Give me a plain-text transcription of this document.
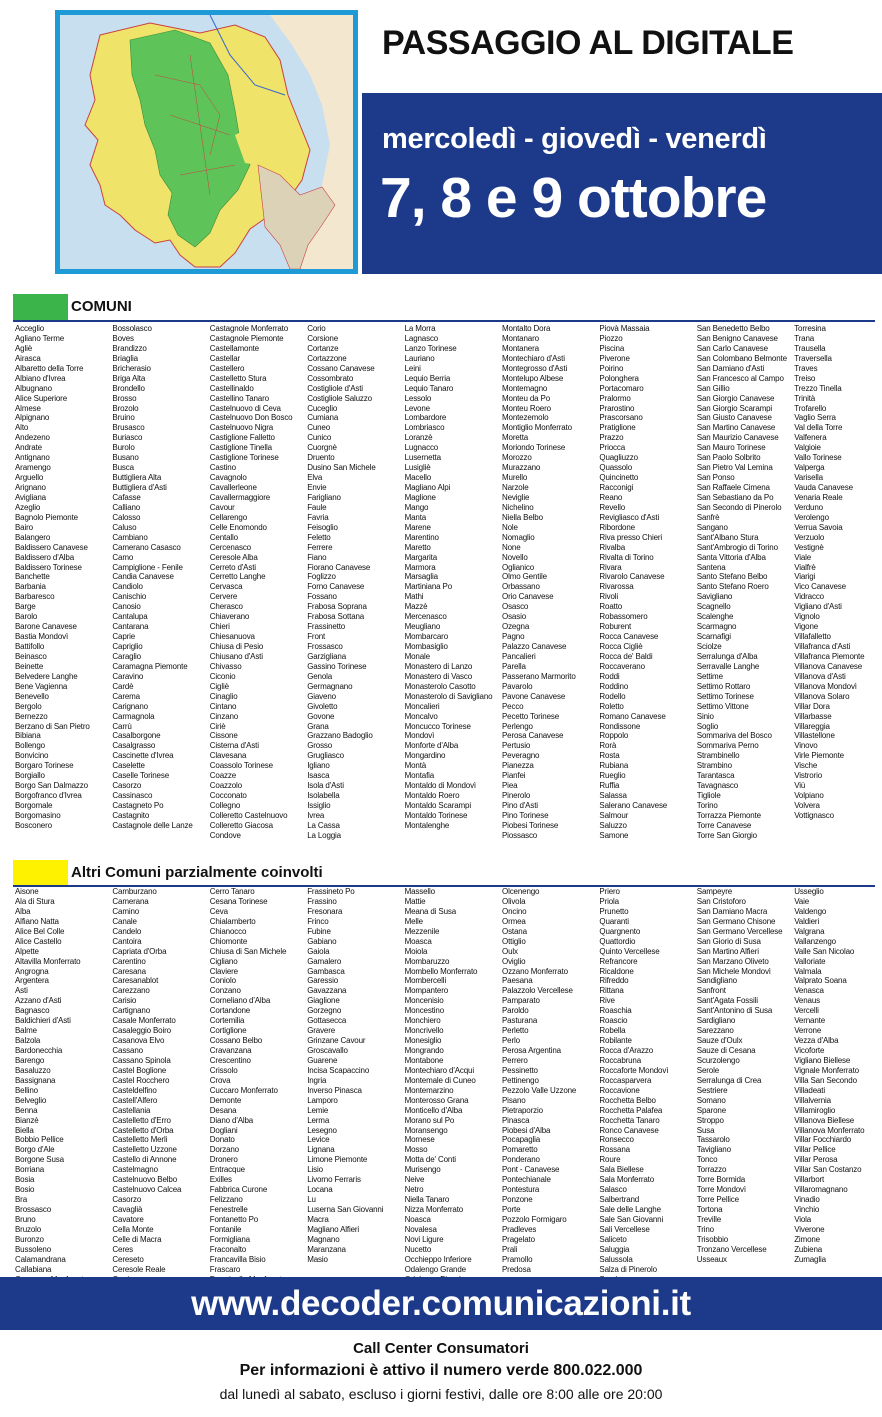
PASSAGGIO AL DIGITALE
mercoledì - giovedì - venerdì
7, 8 e 9 ottobre
COMUNI
Acceglio
Agliano Terme
Agliè
Airasca
Albaretto della Torre
Albiano d'Ivrea
Albugnano
Alice Superiore
Almese
Alpignano
Alto
Andezeno
Andrate
Antignano
Aramengo
Arguello
Arignano
Avigliana
Azeglio
Bagnolo Piemonte
Bairo
Balangero
Baldissero Canavese
Baldissero d'Alba
Baldissero Torinese
Banchette
Barbania
Barbaresco
Barge
Barolo
Barone Canavese
Bastia Mondovì
Battifollo
Beinasco
Beinette
Belvedere Langhe
Bene Vagienna
Benevello
Bergolo
Bernezzo
Berzano di San Pietro
Bibiana
Bollengo
Bonvicino
Borgaro Torinese
Borgiallo
Borgo San Dalmazzo
Borgofranco d'Ivrea
Borgomale
Borgomasino
Bosconero
Bossolasco
Boves
Brandizzo
Briaglia
Bricherasio
Briga Alta
Brondello
Brosso
Brozolo
Bruino
Brusasco
Buriasco
Burolo
Busano
Busca
Buttigliera Alta
Buttigliera d'Asti
Cafasse
Calliano
Calosso
Caluso
Cambiano
Camerano Casasco
Camo
Campiglione - Fenile
Candia Canavese
Candiolo
Canischio
Canosio
Cantalupa
Cantarana
Caprie
Capriglio
Caraglio
Caramagna Piemonte
Caravino
Cardè
Carema
Carignano
Carmagnola
Carrù
Casalborgone
Casalgrasso
Cascinette d'Ivrea
Caselette
Caselle Torinese
Casorzo
Cassinasco
Castagneto Po
Castagnito
Castagnole delle Lanze
Castagnole Monferrato
Castagnole Piemonte
Castellamonte
Castellar
Castellero
Castelletto Stura
Castellinaldo
Castellino Tanaro
Castelnuovo di Ceva
Castelnuovo Don Bosco
Castelnuovo Nigra
Castiglione Falletto
Castiglione Tinella
Castiglione Torinese
Castino
Cavagnolo
Cavallerleone
Cavallermaggiore
Cavour
Cellarengo
Celle Enomondo
Centallo
Cercenasco
Ceresole Alba
Cerreto d'Asti
Cerretto Langhe
Cervasca
Cervere
Cherasco
Chiaverano
Chieri
Chiesanuova
Chiusa di Pesio
Chiusano d'Asti
Chivasso
Ciconio
Cigliè
Cinaglio
Cintano
Cinzano
Ciriè
Cissone
Cisterna d'Asti
Clavesana
Coassolo Torinese
Coazze
Coazzolo
Cocconato
Collegno
Colleretto Castelnuovo
Colleretto Giacosa
Condove
Corio
Corsione
Cortanze
Cortazzone
Cossano Canavese
Cossombrato
Costigliole d'Asti
Costigliole Saluzzo
Cuceglio
Cumiana
Cuneo
Cunico
Cuorgnè
Druento
Dusino San Michele
Elva
Envie
Farigliano
Faule
Favria
Feisoglio
Feletto
Ferrere
Fiano
Fiorano Canavese
Foglizzo
Forno Canavese
Fossano
Frabosa Soprana
Frabosa Sottana
Frassinetto
Front
Frossasco
Garzigliana
Gassino Torinese
Genola
Germagnano
Giaveno
Givoletto
Govone
Grana
Grazzano Badoglio
Grosso
Grugliasco
Igliano
Isasca
Isola d'Asti
Isolabella
Issiglio
Ivrea
La Cassa
La Loggia
La Morra
Lagnasco
Lanzo Torinese
Lauriano
Leini
Lequio Berria
Lequio Tanaro
Lessolo
Levone
Lombardore
Lombriasco
Loranzè
Lugnacco
Lusernetta
Lusigliè
Macello
Magliano Alpi
Maglione
Mango
Manta
Marene
Marentino
Maretto
Margarita
Marmora
Marsaglia
Martiniana Po
Mathi
Mazzè
Mercenasco
Meugliano
Mombarcaro
Mombasiglio
Monale
Monastero di Lanzo
Monastero di Vasco
Monasterolo Casotto
Monasterolo di Savigliano
Moncalieri
Moncalvo
Moncucco Torinese
Mondovì
Monforte d'Alba
Mongardino
Montà
Montafia
Montaldo di Mondovì
Montaldo Roero
Montaldo Scarampi
Montaldo Torinese
Montalenghe
Montalto Dora
Montanaro
Montanera
Montechiaro d'Asti
Montegrosso d'Asti
Montelupo Albese
Montemagno
Monteu da Po
Monteu Roero
Montezemolo
Montiglio Monferrato
Moretta
Moriondo Torinese
Morozzo
Murazzano
Murello
Narzole
Neviglie
Nichelino
Niella Belbo
Nole
Nomaglio
None
Novello
Oglianico
Olmo Gentile
Orbassano
Orio Canavese
Osasco
Osasio
Ozegna
Pagno
Palazzo Canavese
Pancalieri
Parella
Passerano Marmorito
Pavarolo
Pavone Canavese
Pecco
Pecetto Torinese
Perlengo
Perosa Canavese
Pertusio
Peveragno
Pianezza
Pianfei
Piea
Pinerolo
Pino d'Asti
Pino Torinese
Piobesi Torinese
Piossasco
Piovà Massaia
Piozzo
Piscina
Piverone
Poirino
Polonghera
Portacomaro
Pralormo
Prarostino
Prascorsano
Pratiglione
Prazzo
Priocca
Quagliuzzo
Quassolo
Quincinetto
Racconigi
Reano
Revello
Revigliasco d'Asti
Ribordone
Riva presso Chieri
Rivalba
Rivalta di Torino
Rivara
Rivarolo Canavese
Rivarossa
Rivoli
Roatto
Robassomero
Roburent
Rocca Canavese
Rocca Cigliè
Rocca de' Baldi
Roccaverano
Roddi
Roddino
Rodello
Roletto
Romano Canavese
Rondissone
Roppolo
Rorà
Rosta
Rubiana
Rueglio
Ruffia
Salassa
Salerano Canavese
Salmour
Saluzzo
Samone
San Benedetto Belbo
San Benigno Canavese
San Carlo Canavese
San Colombano Belmonte
San Damiano d'Asti
San Francesco al Campo
San Gillio
San Giorgio Canavese
San Giorgio Scarampi
San Giusto Canavese
San Martino Canavese
San Maurizio Canavese
San Mauro Torinese
San Paolo Solbrito
San Pietro Val Lemina
San Ponso
San Raffaele Cimena
San Sebastiano da Po
San Secondo di Pinerolo
Sanfrè
Sangano
Sant'Albano Stura
Sant'Ambrogio di Torino
Santa Vittoria d'Alba
Santena
Santo Stefano Belbo
Santo Stefano Roero
Savigliano
Scagnello
Scalenghe
Scarmagno
Scarnafigi
Sciolze
Serralunga d'Alba
Serravalle Langhe
Settime
Settimo Rottaro
Settimo Torinese
Settimo Vittone
Sinio
Soglio
Sommariva del Bosco
Sommariva Perno
Strambinello
Strambino
Tarantasca
Tavagnasco
Tigliole
Torino
Torrazza Piemonte
Torre Canavese
Torre San Giorgio
Torresina
Trana
Trausella
Traversella
Traves
Treiso
Trezzo Tinella
Trinità
Trofarello
Vaglio Serra
Val della Torre
Valfenera
Valgioie
Vallo Torinese
Valperga
Varisella
Vauda Canavese
Venaria Reale
Verduno
Verolengo
Verrua Savoia
Verzuolo
Vestignè
Viale
Vialfrè
Viarigi
Vico Canavese
Vidracco
Vigliano d'Asti
Vignolo
Vigone
Villafalletto
Villafranca d'Asti
Villafranca Piemonte
Villanova Canavese
Villanova d'Asti
Villanova Mondovì
Villanova Solaro
Villar Dora
Villarbasse
Villareggia
Villastellone
Vinovo
Virle Piemonte
Vische
Vistrorio
Viù
Volpiano
Volvera
Vottignasco
Altri Comuni parzialmente coinvolti
Aisone
Ala di Stura
Alba
Alfiano Natta
Alice Bel Colle
Alice Castello
Alpette
Altavilla Monferrato
Angrogna
Argentera
Asti
Azzano d'Asti
Bagnasco
Baldichieri d'Asti
Balme
Balzola
Bardonecchia
Barengo
Basaluzzo
Bassignana
Bellino
Belveglio
Benna
Bianzè
Biella
Bobbio Pellice
Borgo d'Ale
Borgone Susa
Borriana
Bosia
Bosio
Bra
Brossasco
Bruno
Bruzolo
Buronzo
Bussoleno
Calamandrana
Callabiana
Camburzano
Camerana
Camino
Canale
Candelo
Cantoira
Capriata d'Orba
Carentino
Caresana
Caresanablot
Carezzano
Carisio
Cartignano
Casale Monferrato
Casaleggio Boiro
Casanova Elvo
Cassano
Cassano Spinola
Castel Boglione
Castel Rocchero
Casteldelfino
Castell'Alfero
Castellania
Castelletto d'Erro
Castelletto d'Orba
Castelletto Merli
Castelletto Uzzone
Castello di Annone
Castelmagno
Castelnuovo Belbo
Castelnuovo Calcea
Casorzo
Cavaglià
Cavatore
Cella Monte
Celle di Macra
Ceres
Cereseto
Ceresole Reale
Cerro Tanaro
Cesana Torinese
Ceva
Chialamberto
Chianocco
Chiomonte
Chiusa di San Michele
Cigliano
Claviere
Coniolo
Conzano
Corneliano d'Alba
Cortandone
Cortemilia
Cortiglione
Cossano Belbo
Cravanzana
Crescentino
Crissolo
Crova
Cuccaro Monferrato
Demonte
Desana
Diano d'Alba
Dogliani
Donato
Dorzano
Dronero
Entracque
Exilles
Fabbrica Curone
Felizzano
Fenestrelle
Fontanetto Po
Fontanile
Formigliana
Fraconalto
Francavilla Bisio
Frascaro
Frassineto Po
Frassino
Fresonara
Frinco
Fubine
Gabiano
Gaiola
Gamalero
Gambasca
Garessio
Gavazzana
Giaglione
Gorzegno
Gottasecca
Gravere
Grinzane Cavour
Groscavallo
Guarene
Incisa Scapaccino
Ingria
Inverso Pinasca
Lamporo
Lemie
Lerma
Lesegno
Levice
Lignana
Limone Piemonte
Lisio
Livorno Ferraris
Locana
Lu
Luserna San Giovanni
Macra
Magliano Alfieri
Magnano
Maranzana
Masio
Massello
Mattie
Meana di Susa
Melle
Mezzenile
Moasca
Moiola
Mombaruzzo
Mombello Monferrato
Mombercelli
Mompantero
Moncenisio
Moncestino
Monchiero
Moncrivello
Monesiglio
Mongrando
Montabone
Montechiaro d'Acqui
Montemale di Cuneo
Montemarzino
Monterosso Grana
Monticello d'Alba
Morano sul Po
Moransengo
Mornese
Mosso
Motta de' Conti
Murisengo
Neive
Netro
Niella Tanaro
Nizza Monferrato
Noasca
Novalesa
Novi Ligure
Nucetto
Occhieppo Inferiore
Odalengo Grande
Olcenengo
Olivola
Oncino
Ormea
Ostana
Ottiglio
Oulx
Oviglio
Ozzano Monferrato
Paesana
Palazzolo Vercellese
Pamparato
Paroldo
Pasturana
Perletto
Perlo
Perosa Argentina
Perrero
Pessinetto
Pettinengo
Pezzolo Valle Uzzone
Pisano
Pietraporzio
Pinasca
Piobesi d'Alba
Pocapaglia
Pomaretto
Ponderano
Pont - Canavese
Pontechianale
Pontestura
Ponzone
Porte
Pozzolo Formigaro
Pradleves
Pragelato
Prali
Pramollo
Predosa
Priero
Priola
Prunetto
Quaranti
Quargnento
Quattordio
Quinto Vercellese
Refrancore
Ricaldone
Rifreddo
Rittana
Rive
Roaschia
Roascio
Robella
Robilante
Rocca d'Arazzo
Roccabruna
Roccaforte Mondovì
Roccasparvera
Roccavione
Rocchetta Belbo
Rocchetta Palafea
Rocchetta Tanaro
Ronco Canavese
Ronsecco
Rossana
Roure
Sala Biellese
Sala Monferrato
Salasco
Salbertrand
Sale delle Langhe
Sale San Giovanni
Sali Vercellese
Saliceto
Saluggia
Salussola
Salza di Pinerolo
Sampeyre
San Cristoforo
San Damiano Macra
San Germano Chisone
San Germano Vercellese
San Giorio di Susa
San Martino Alfieri
San Marzano Oliveto
San Michele Mondovì
Sandigliano
Sanfront
Sant'Agata Fossili
Sant'Antonino di Susa
Sardigliano
Sarezzano
Sauze d'Oulx
Sauze di Cesana
Scurzolengo
Serole
Serralunga di Crea
Sestriere
Somano
Sparone
Stroppo
Susa
Tassarolo
Tavigliano
Tonco
Torrazzo
Torre Bormida
Torre Mondovì
Torre Pellice
Tortona
Treville
Trino
Trisobbio
Tronzano Vercellese
Usseaux
Usseglio
Vaie
Valdengo
Valdieri
Valgrana
Vallanzengo
Valle San Nicolao
Valloriate
Valmala
Valprato Soana
Venasca
Venaus
Vercelli
Vernante
Verrone
Vezza d'Alba
Vicoforte
Vigliano Biellese
Vignale Monferrato
Villa San Secondo
Villadeati
Villalvernia
Villamiroglio
Villanova Biellese
Villanova Monferrato
Villar Focchiardo
Villar Pellice
Villar Perosa
Villar San Costanzo
Villarbort
Villaromagnano
Vinadio
Vinchio
Viola
Viverone
Zimone
Zubiena
Zumaglia
www.decoder.comunicazioni.it
Call Center Consumatori
Per informazioni è attivo il numero verde 800.022.000
dal lunedì al sabato, escluso i giorni festivi, dalle ore 8:00 alle ore 20:00
